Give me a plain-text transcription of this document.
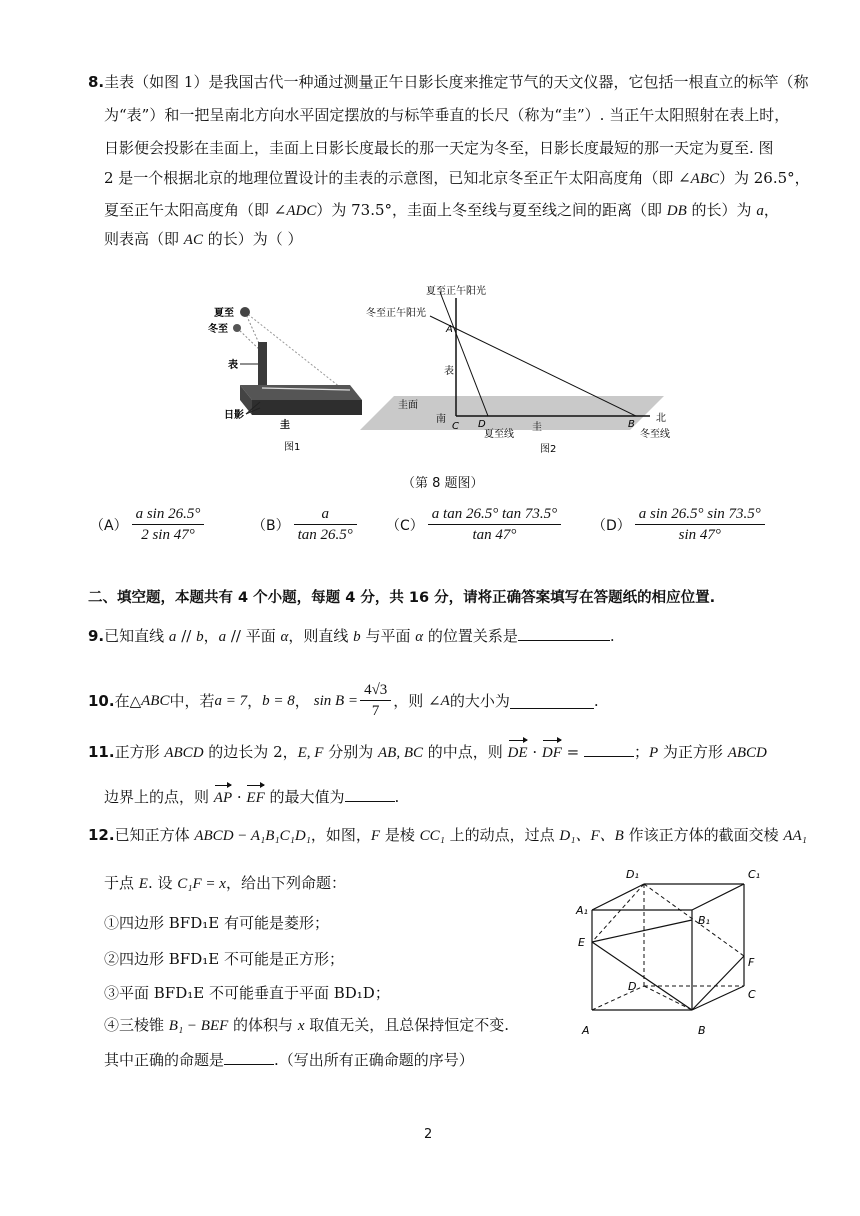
8.圭表（如图 1）是我国古代一种通过测量正午日影长度来推定节气的天文仪器，它包括一根直立的标竿（称
为“表”）和一把呈南北方向水平固定摆放的与标竿垂直的长尺（称为“圭”）. 当正午太阳照射在表上时，
日影便会投影在圭面上，圭面上日影长度最长的那一天定为冬至，日影长度最短的那一天定为夏至. 图
2 是一个根据北京的地理位置设计的圭表的示意图，已知北京冬至正午太阳高度角（即 ∠ABC）为 26.5°，
夏至正午太阳高度角（即 ∠ADC）为 73.5°，圭面上冬至线与夏至线之间的距离（即 DB 的长）为 a，
则表高（即 AC 的长）为（ ）
夏至
冬至
表
日影
圭
图1
夏至正午阳光
冬至正午阳光
A
表
圭面
南
C D
夏至线
圭	B
北
冬至线
图2
（第 8 题图）
$(A) \frac{\text{a sin 26.5°}}{2 \sin 47^\circ}$	$(B) \frac{a}{\tan 26.5^\circ} (C) \frac{\text{a tan 26.5° tan 73.5°}}{\tan 47^\circ} (D) \frac{\text{a sin 26.5° sin 73.5°}}{\sin 47^\circ}$
二、填空题，本题共有 4 个小题，每题 4 分，共 16 分，请将正确答案填写在答题纸的相应位置.
9.已知直线 a // b，a // 平面 α，则直线 b 与平面 α 的位置关系是	.
10. 在△ ABC 中，若 a = 7 ， b = 8 ， $\sin B = \frac{4√3}{7}$ ，则 ∠ A 的大小为	.
11.正方形 ABCD 的边长为 2，E, F 分别为 AB, BC 的中点，则 DE · DF =	；P 为正方形 ABCD
边界上的点，则 AP · EF 的最大值为	.
12.已知正方体 ABCD − A₁B₁C₁D₁，如图，F 是棱 CC₁ 上的动点，过点 D₁、F、B 作该正方体的截面交棱 AA₁
于点 E. 设 C₁F = x，给出下列命题：
①四边形 BFD₁E 有可能是菱形；
②四边形 BFD₁E 不可能是正方形；
③平面 BFD₁E 不可能垂直于平面 BD₁D；
④三棱锥 B₁ − BEF 的体积与 x 取值无关，且总保持恒定不变.
其中正确的命题是	.（写出所有正确命题的序号）
D₁	C₁
A₁
B₁
E
F
D
C
A	B
2
